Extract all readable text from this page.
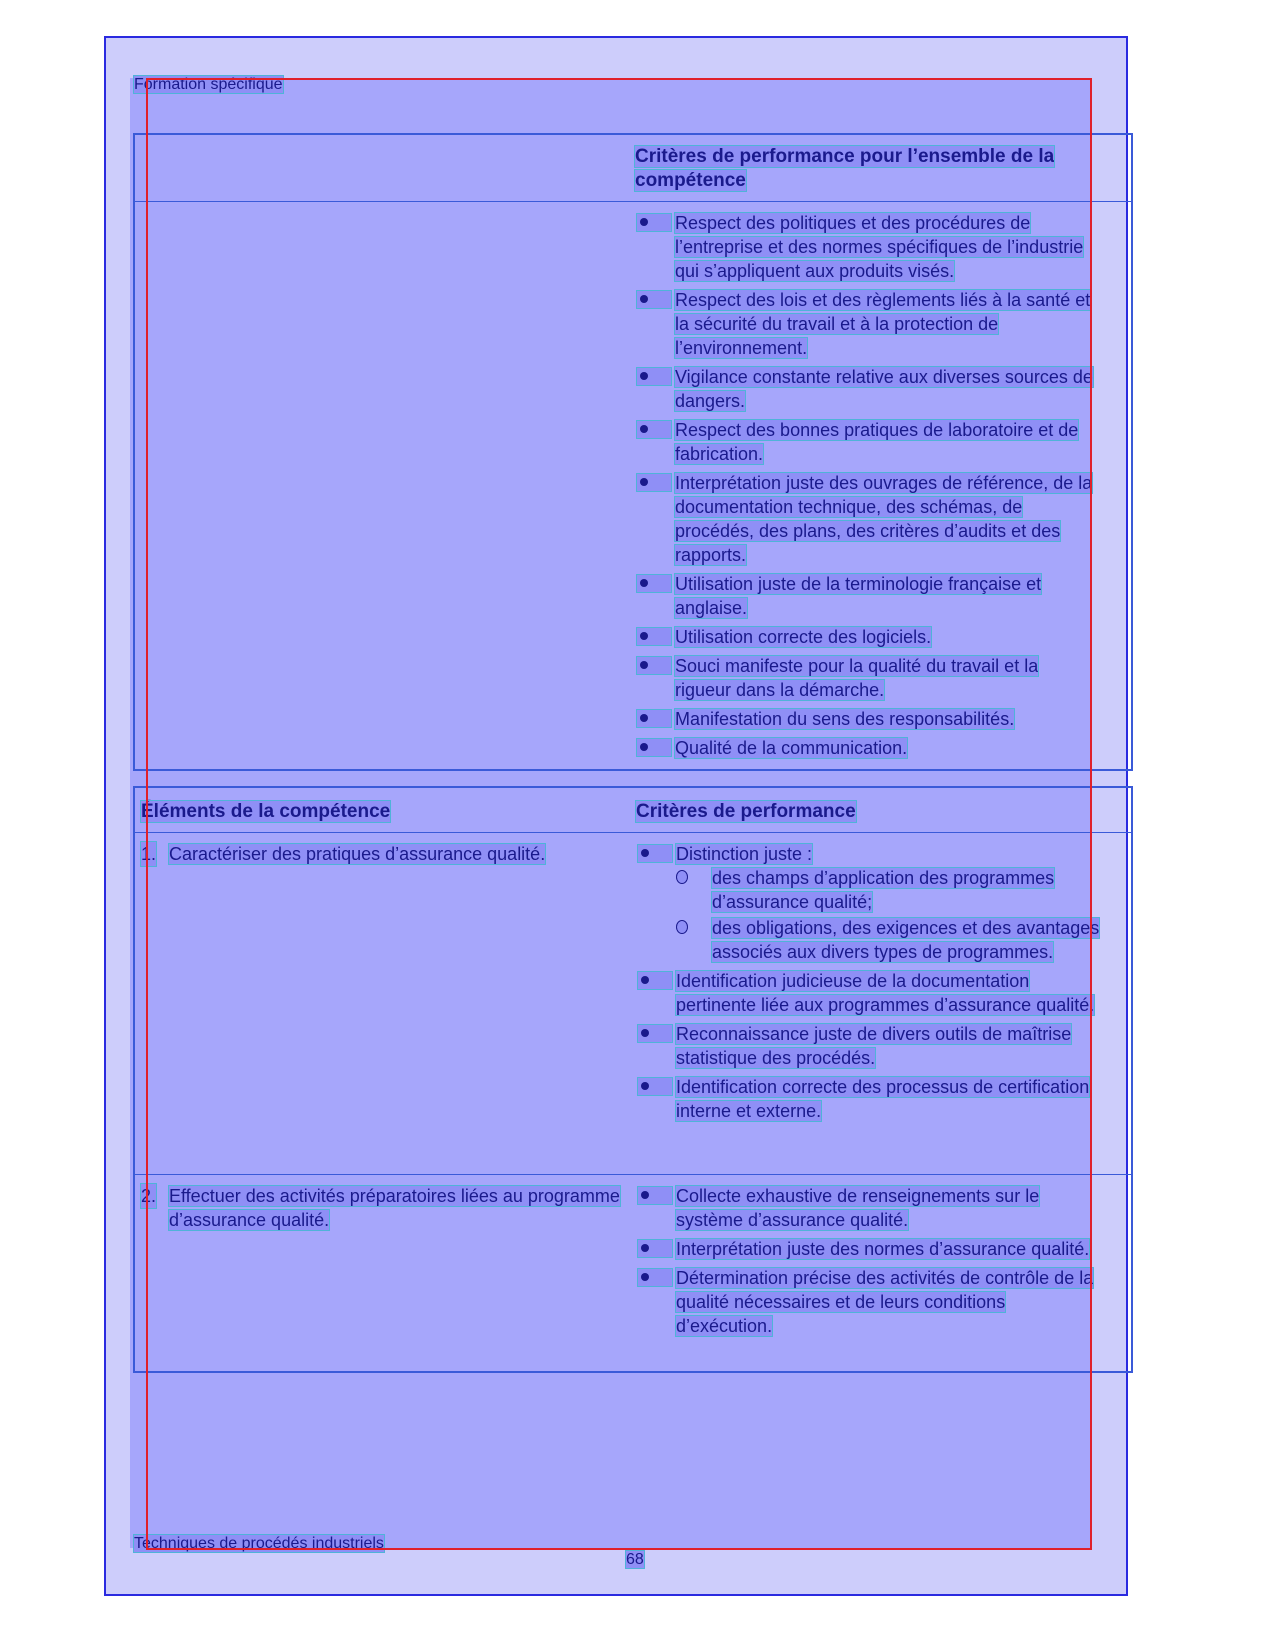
Formation spécifique
Critères de performance pour l’ensemble de la compétence
Respect des politiques et des procédures de l’entreprise et des normes spécifiques de l’industrie qui s’appliquent aux produits visés.
Respect des lois et des règlements liés à la santé et la sécurité du travail et à la protection de l’environnement.
Vigilance constante relative aux diverses sources de dangers.
Respect des bonnes pratiques de laboratoire et de fabrication.
Interprétation juste des ouvrages de référence, de la documentation technique, des schémas, de procédés, des plans, des critères d’audits et des rapports.
Utilisation juste de la terminologie française et anglaise.
Utilisation correcte des logiciels.
Souci manifeste pour la qualité du travail et la rigueur dans la démarche.
Manifestation du sens des responsabilités.
Qualité de la communication.
Éléments de la compétence	Critères de performance
1. Caractériser des pratiques d’assurance qualité.	Distinction juste :
des champs d’application des programmes d’assurance qualité;
des obligations, des exigences et des avantages associés aux divers types de programmes.
Identification judicieuse de la documentation pertinente liée aux programmes d’assurance qualité.
Reconnaissance juste de divers outils de maîtrise statistique des procédés.
Identification correcte des processus de certification interne et externe.
2. Effectuer des activités préparatoires liées au programme d’assurance qualité.
Collecte exhaustive de renseignements sur le système d’assurance qualité.
Interprétation juste des normes d’assurance qualité.
Détermination précise des activités de contrôle de la qualité nécessaires et de leurs conditions d’exécution.
Techniques de procédés industriels
68
